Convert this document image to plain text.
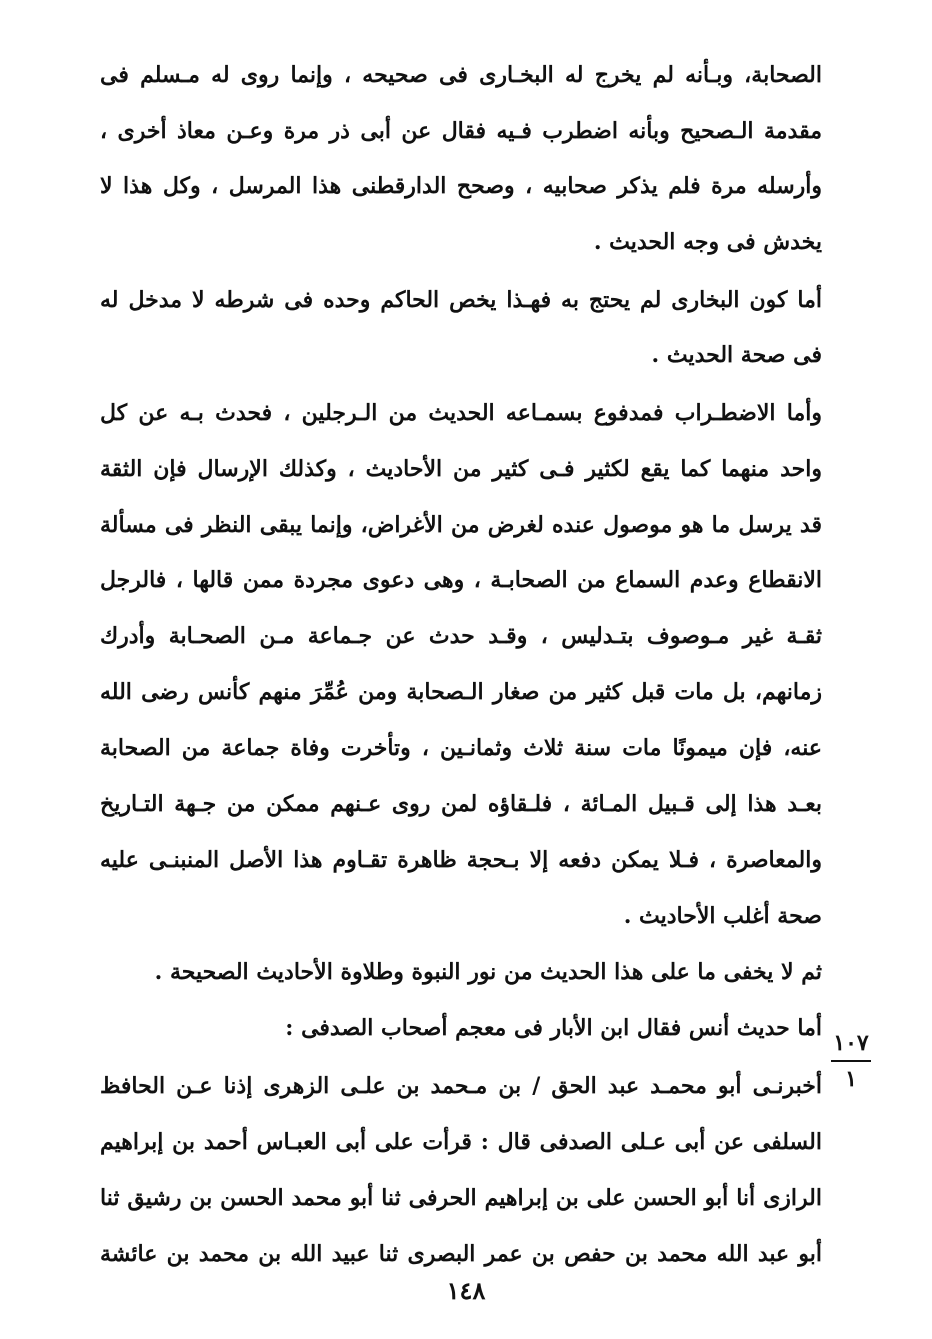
الصحابة، وبـأنه لم يخرج له البخـارى فى صحيحه ، وإنما روى له مـسلم فى
مقدمة الـصحيح وبأنه اضطرب فـيه فقال عن أبى ذر مرة وعـن معاذ أخرى ،
وأرسله مرة فلم يذكر صحابيه ، وصحح الدارقطنى هذا المرسل ، وكل هذا لا
يخدش فى وجه الحديث .
أما كون البخارى لم يحتج به فهـذا يخص الحاكم وحده فى شرطه لا مدخل له
فى صحة الحديث .
وأما الاضطـراب فمدفوع بسمـاعه الحديث من الـرجلين ، فحدث بـه عن كل
واحد منهما كما يقع لكثير فـى كثير من الأحاديث ، وكذلك الإرسال فإن الثقة
قد يرسل ما هو موصول عنده لغرض من الأغراض، وإنما يبقى النظر فى مسألة
الانقطاع وعدم السماع من الصحابـة ، وهى دعوى مجردة ممن قالها ، فالرجل
ثقـة غير مـوصوف بتـدليس ، وقـد حدث عن جـماعة مـن الصحـابة وأدرك
زمانهم، بل مات قبل كثير من صغار الـصحابة ومن عُمِّرَ منهم كأنس رضى الله
عنه، فإن ميمونًا مات سنة ثلاث وثمانـين ، وتأخرت وفاة جماعة من الصحابة
بعـد هذا إلى قـبيل المـائة ، فلـقاؤه لمن روى عـنهم ممكن من جـهة التـاريخ
والمعاصرة ، فـلا يمكن دفعه إلا بـحجة ظاهرة تقـاوم هذا الأصل المنبنـى عليه
صحة أغلب الأحاديث .
ثم لا يخفى ما على هذا الحديث من نور النبوة وطلاوة الأحاديث الصحيحة .
أما حديث أنس فقال ابن الأبار فى معجم أصحاب الصدفى :
أخبرنـى أبو محمـد عبد الحق / بن مـحمد بن علـى الزهرى إذنا عـن الحافظ
السلفى عن أبى عـلى الصدفى قال : قرأت على أبى العبـاس أحمد بن إبراهيم
الرازى أنا أبو الحسن على بن إبراهيم الحرفى ثنا أبو محمد الحسن بن رشيق ثنا
أبو عبد الله محمد بن حفص بن عمر البصرى ثنا عبيد الله بن محمد بن عائشة
١٠٧
١
١٤٨
